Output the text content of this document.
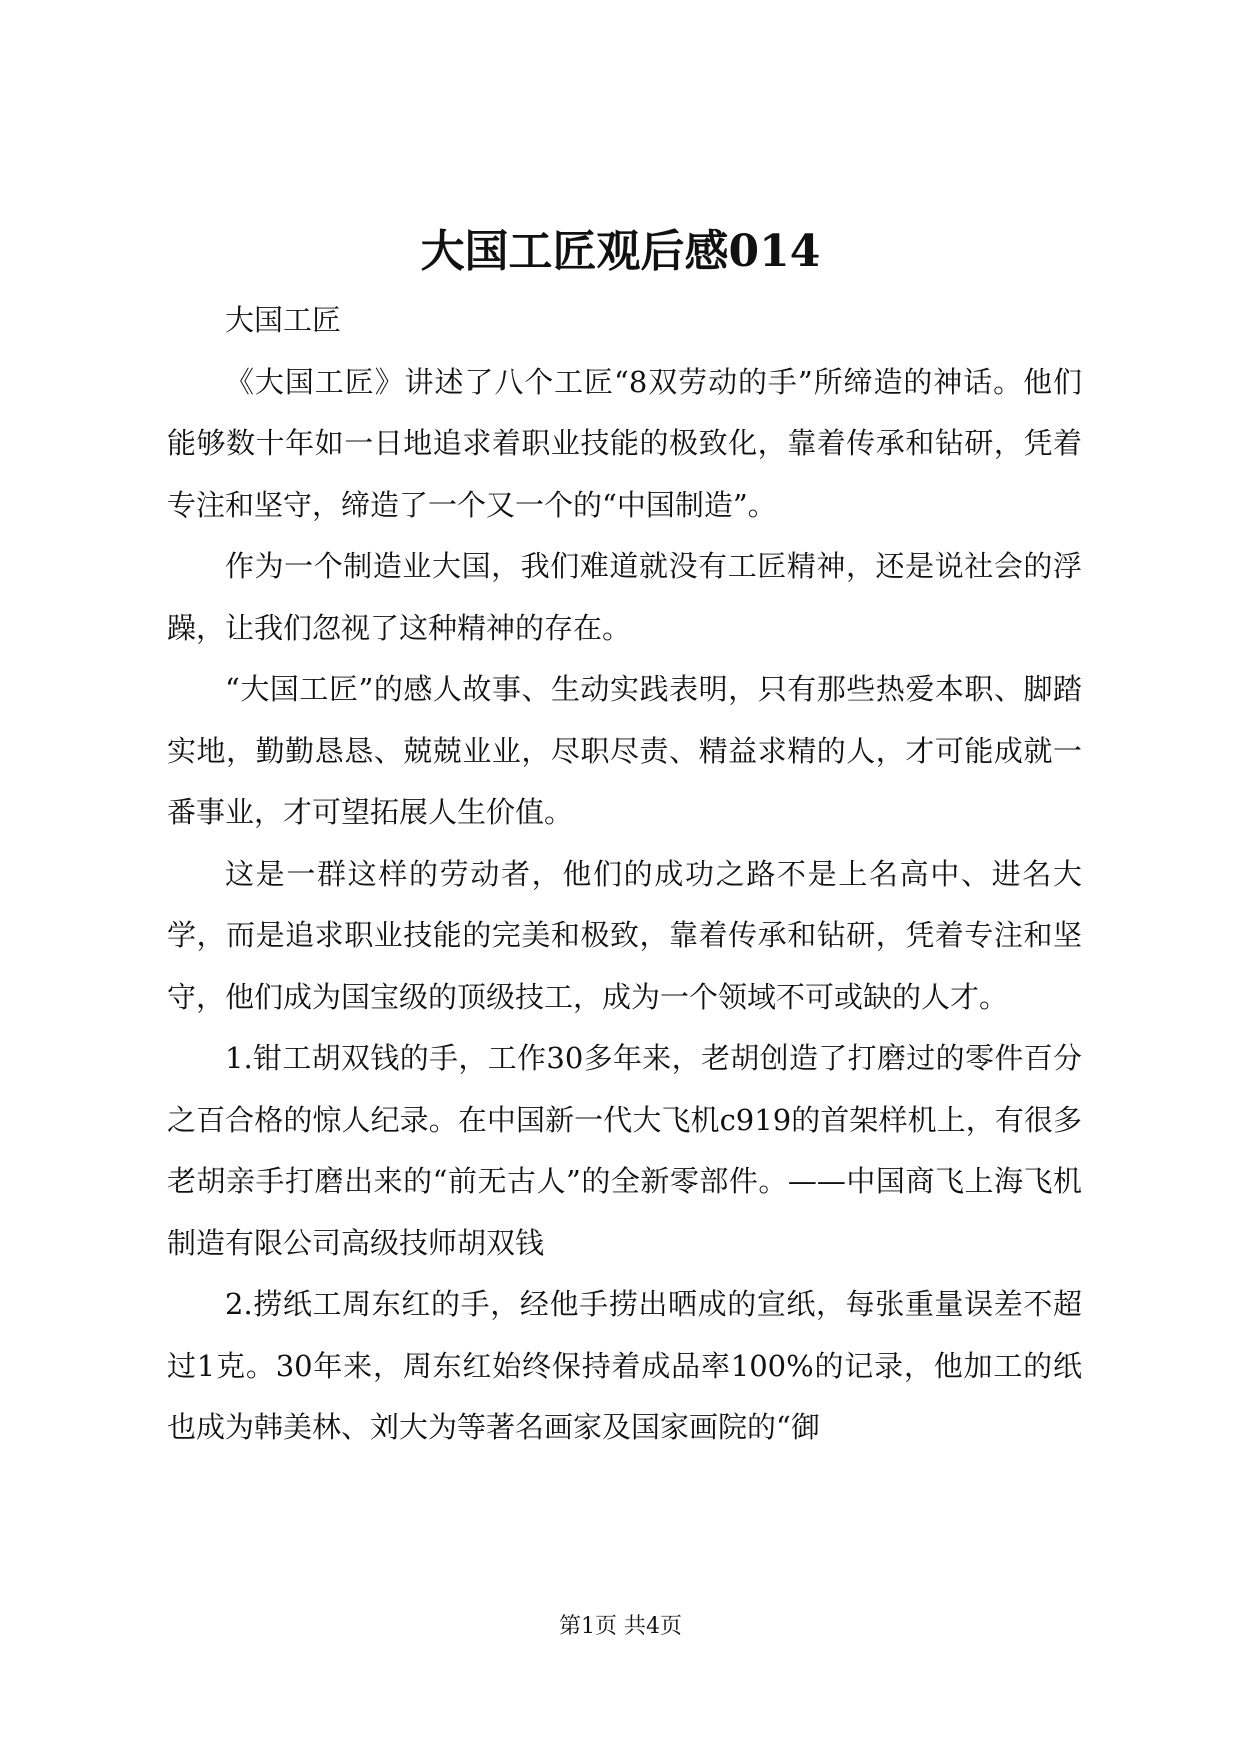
大国工匠观后感014

大国工匠

《大国工匠》讲述了八个工匠“8双劳动的手”所缔造的神话。他们能够数十年如一日地追求着职业技能的极致化，靠着传承和钻研，凭着专注和坚守，缔造了一个又一个的“中国制造”。

作为一个制造业大国，我们难道就没有工匠精神，还是说社会的浮躁，让我们忽视了这种精神的存在。

“大国工匠”的感人故事、生动实践表明，只有那些热爱本职、脚踏实地，勤勤恳恳、兢兢业业，尽职尽责、精益求精的人，才可能成就一番事业，才可望拓展人生价值。

这是一群这样的劳动者，他们的成功之路不是上名高中、进名大学，而是追求职业技能的完美和极致，靠着传承和钻研，凭着专注和坚守，他们成为国宝级的顶级技工，成为一个领域不可或缺的人才。

1.钳工胡双钱的手，工作30多年来，老胡创造了打磨过的零件百分之百合格的惊人纪录。在中国新一代大飞机c919的首架样机上，有很多老胡亲手打磨出来的“前无古人”的全新零部件。——中国商飞上海飞机制造有限公司高级技师胡双钱

2.捞纸工周东红的手，经他手捞出晒成的宣纸，每张重量误差不超过1克。30年来，周东红始终保持着成品率100%的记录，他加工的纸也成为韩美林、刘大为等著名画家及国家画院的“御

第1页 共4页
